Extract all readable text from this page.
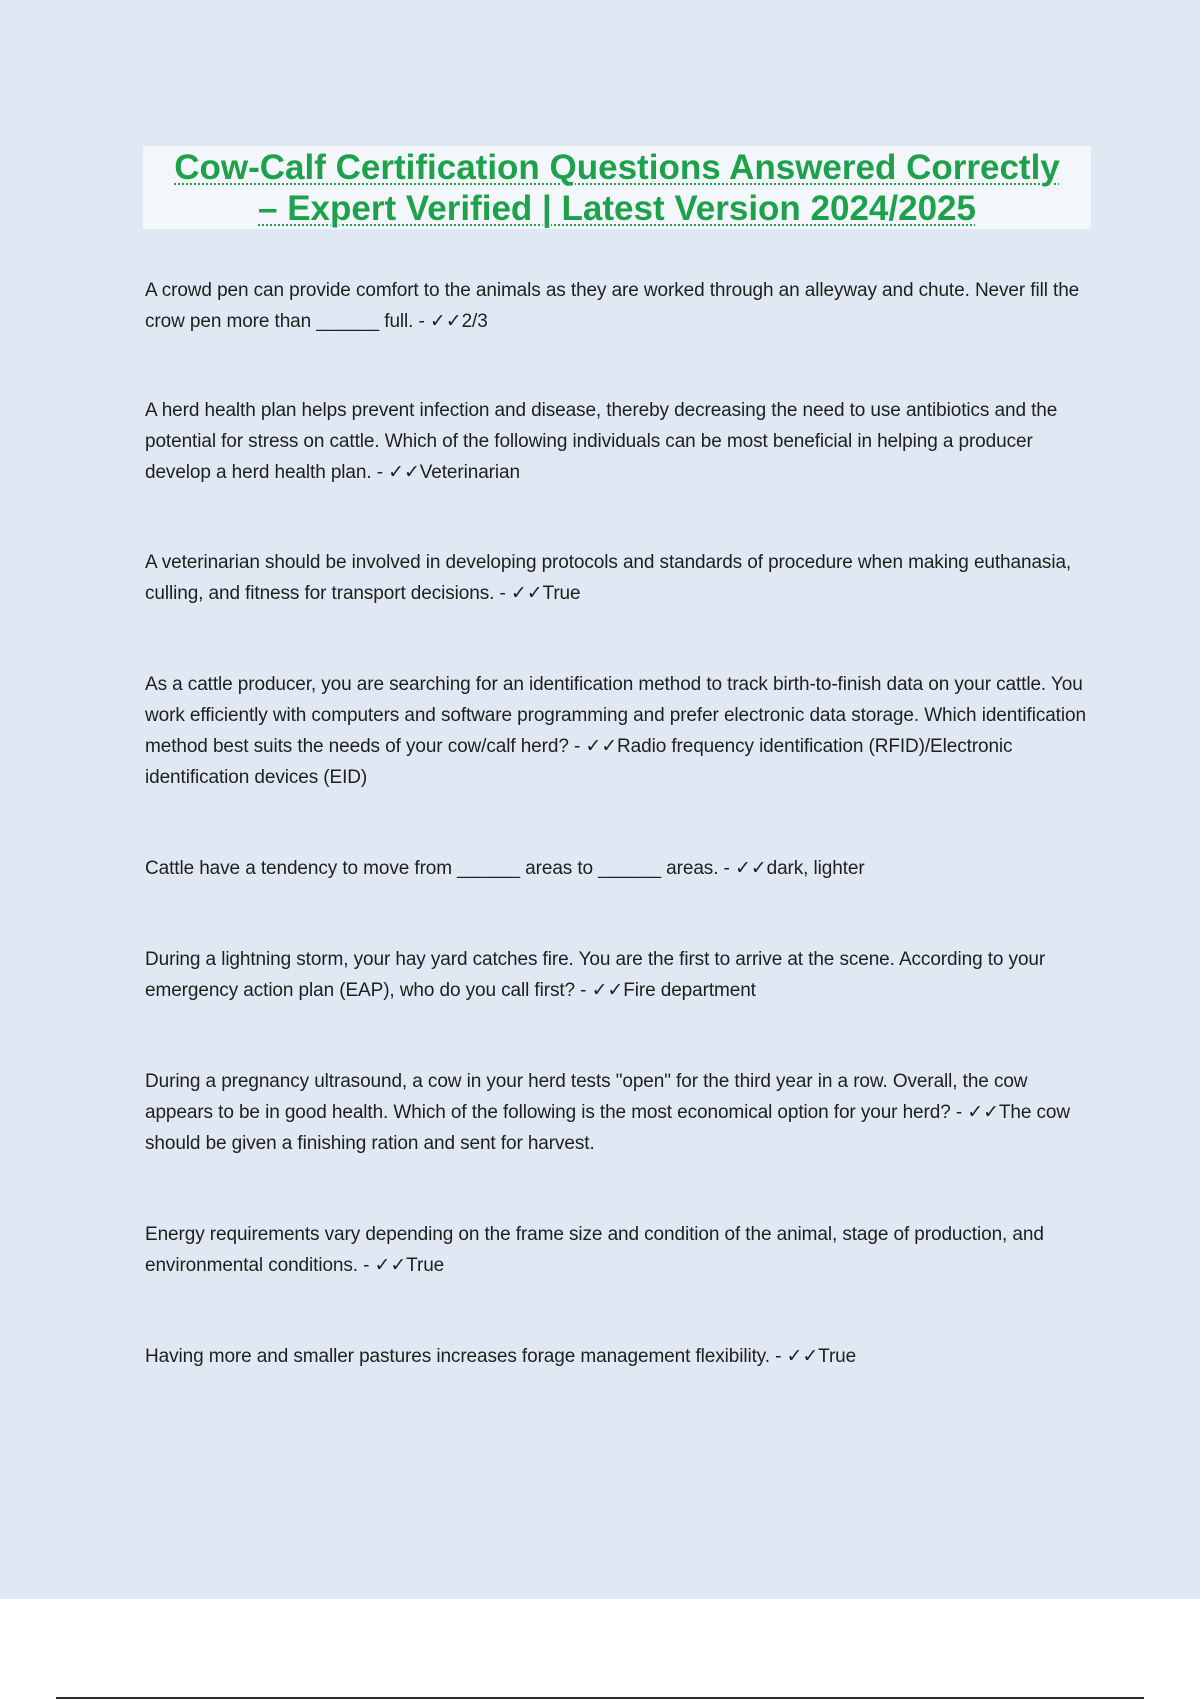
Cow-Calf Certification Questions Answered Correctly
– Expert Verified | Latest Version 2024/2025
A crowd pen can provide comfort to the animals as they are worked through an alleyway and chute. Never fill the crow pen more than ______ full. - ✓✓2/3
A herd health plan helps prevent infection and disease, thereby decreasing the need to use antibiotics and the potential for stress on cattle. Which of the following individuals can be most beneficial in helping a producer develop a herd health plan. - ✓✓Veterinarian
A veterinarian should be involved in developing protocols and standards of procedure when making euthanasia, culling, and fitness for transport decisions. - ✓✓True
As a cattle producer, you are searching for an identification method to track birth-to-finish data on your cattle. You work efficiently with computers and software programming and prefer electronic data storage. Which identification method best suits the needs of your cow/calf herd? - ✓✓Radio frequency identification (RFID)/Electronic identification devices (EID)
Cattle have a tendency to move from ______ areas to ______ areas. - ✓✓dark, lighter
During a lightning storm, your hay yard catches fire. You are the first to arrive at the scene. According to your emergency action plan (EAP), who do you call first? - ✓✓Fire department
During a pregnancy ultrasound, a cow in your herd tests "open" for the third year in a row. Overall, the cow appears to be in good health. Which of the following is the most economical option for your herd? - ✓✓The cow should be given a finishing ration and sent for harvest.
Energy requirements vary depending on the frame size and condition of the animal, stage of production, and environmental conditions. - ✓✓True
Having more and smaller pastures increases forage management flexibility. - ✓✓True
